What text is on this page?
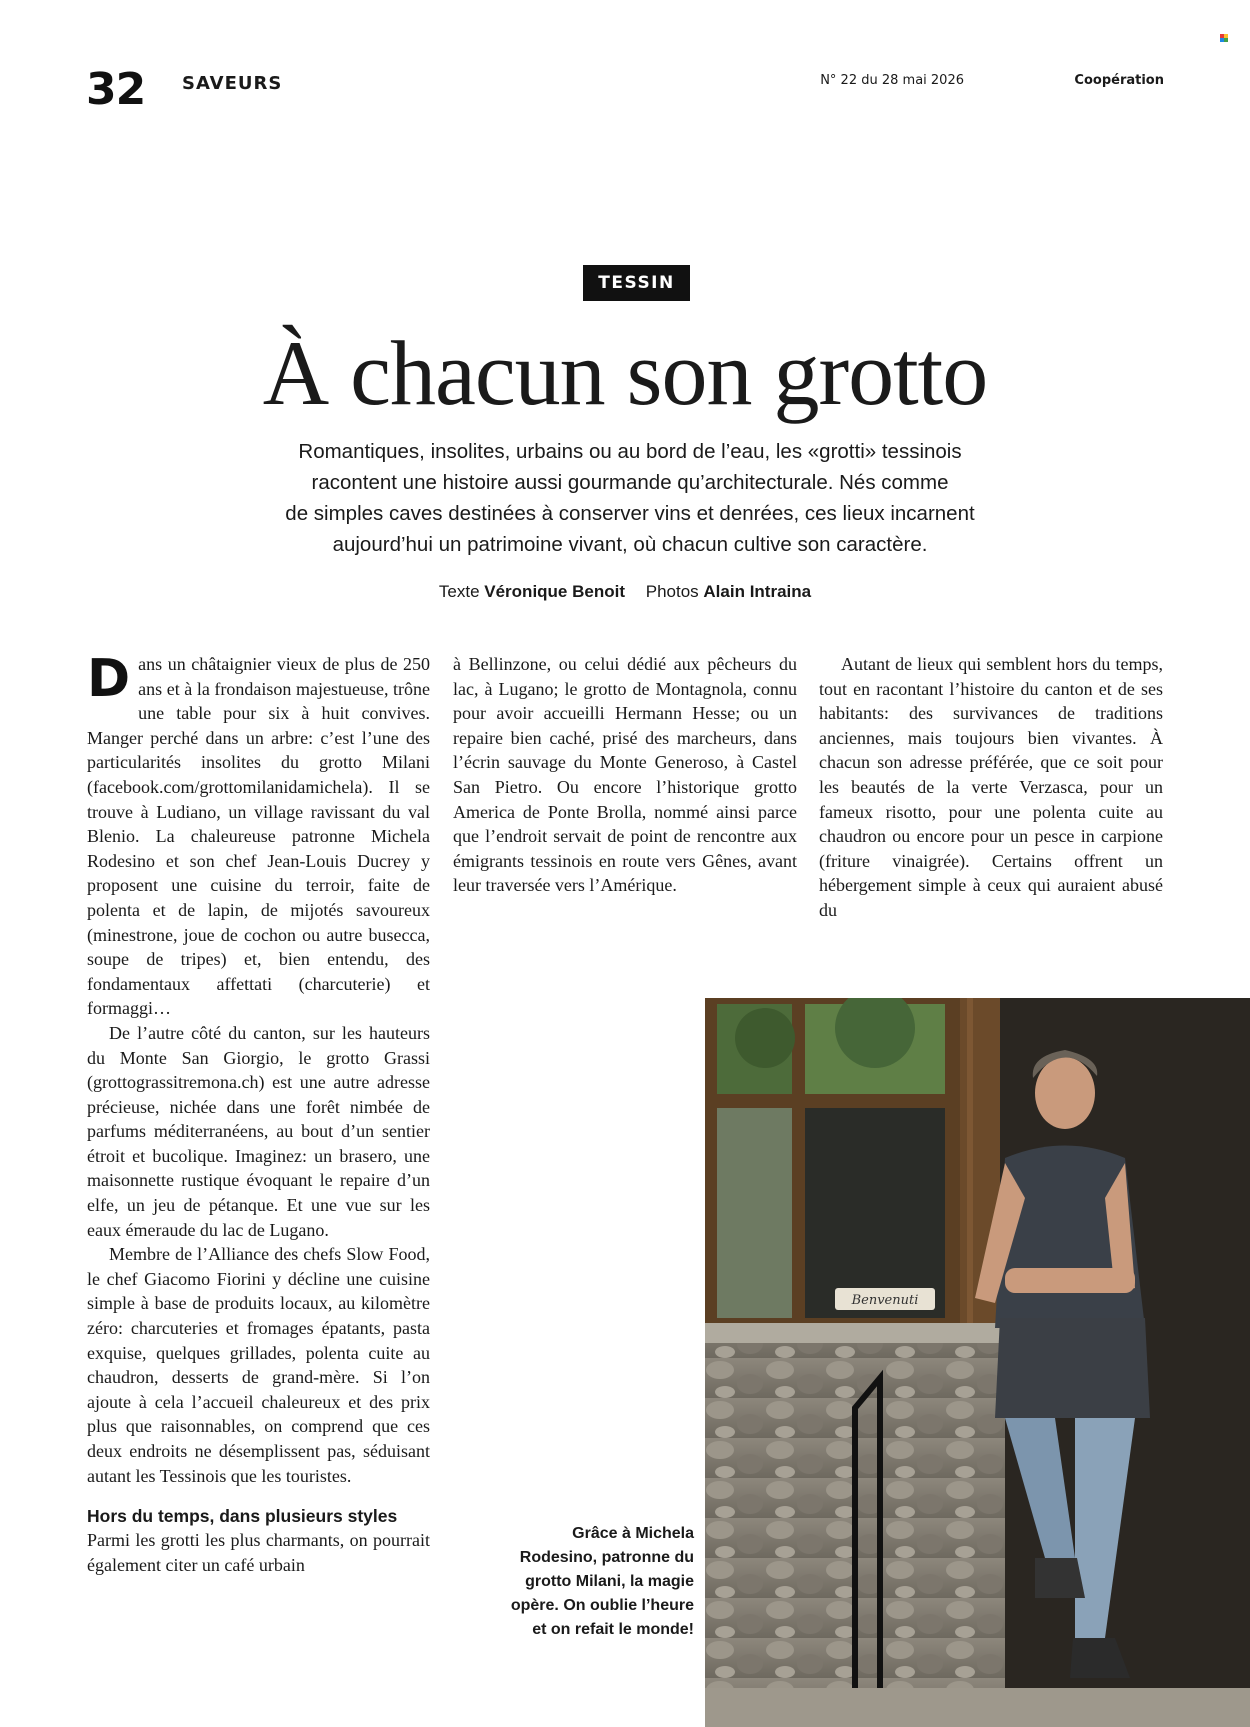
32 SAVEURS	N° 22 du 28 mai 2026	Coopération
TESSIN
À chacun son grotto
Romantiques, insolites, urbains ou au bord de l’eau, les «grotti» tessinois
racontent une histoire aussi gourmande qu’architecturale. Nés comme
de simples caves destinées à conserver vins et denrées, ces lieux incarnent
aujourd’hui un patrimoine vivant, où chacun cultive son caractère.
Texte Véronique Benoit Photos Alain Intraina

Dans un châtaignier vieux de plus de 250 ans et à la frondaison majestueuse, trône une table pour six à huit convives. Manger perché dans un arbre: c’est l’une des particularités insolites du grotto Milani (facebook.com/grottomilanidamichela). Il se trouve à Ludiano, un village ravissant du val Blenio. La chaleureuse patronne Michela Rodesino et son chef Jean-Louis Ducrey y proposent une cuisine du terroir, faite de polenta et de lapin, de mijotés savoureux (minestrone, joue de cochon ou autre busecca, soupe de tripes) et, bien entendu, des fondamentaux affettati (charcuterie) et formaggi…

De l’autre côté du canton, sur les hauteurs du Monte San Giorgio, le grotto Grassi (grottograssitremona.ch) est une autre adresse précieuse, nichée dans une forêt nimbée de parfums méditerranéens, au bout d’un sentier étroit et bucolique. Imaginez: un brasero, une maisonnette rustique évoquant le repaire d’un elfe, un jeu de pétanque. Et une vue sur les eaux émeraude du lac de Lugano.

Membre de l’Alliance des chefs Slow Food, le chef Giacomo Fiorini y décline une cuisine simple à base de produits locaux, au kilomètre zéro: charcuteries et fromages épatants, pasta exquise, quelques grillades, polenta cuite au chaudron, desserts de grand-mère. Si l’on ajoute à cela l’accueil chaleureux et des prix plus que raisonnables, on comprend que ces deux endroits ne désemplissent pas, séduisant autant les Tessinois que les touristes.

Hors du temps, dans plusieurs styles

Parmi les grotti les plus charmants, on pourrait également citer un café urbain

à Bellinzone, ou celui dédié aux pêcheurs du lac, à Lugano; le grotto de Montagnola, connu pour avoir accueilli Hermann Hesse; ou un repaire bien caché, prisé des marcheurs, dans l’écrin sauvage du Monte Generoso, à Castel San Pietro. Ou encore l’historique grotto America de Ponte Brolla, nommé ainsi parce que l’endroit servait de point de rencontre aux émigrants tessinois en route vers Gênes, avant leur traversée vers l’Amérique.

Autant de lieux qui semblent hors du temps, tout en racontant l’histoire du canton et de ses habitants: des survivances de traditions anciennes, mais toujours bien vivantes. À chacun son adresse préférée, que ce soit pour les beautés de la verte Verzasca, pour un fameux risotto, pour une polenta cuite au chaudron ou encore pour un pesce in carpione (friture vinaigrée). Certains offrent un hébergement simple à ceux qui auraient abusé du

Grâce à Michela
Rodesino, patronne du
grotto Milani, la magie
opère. On oublie l’heure
et on refait le monde!
Benvenuti
